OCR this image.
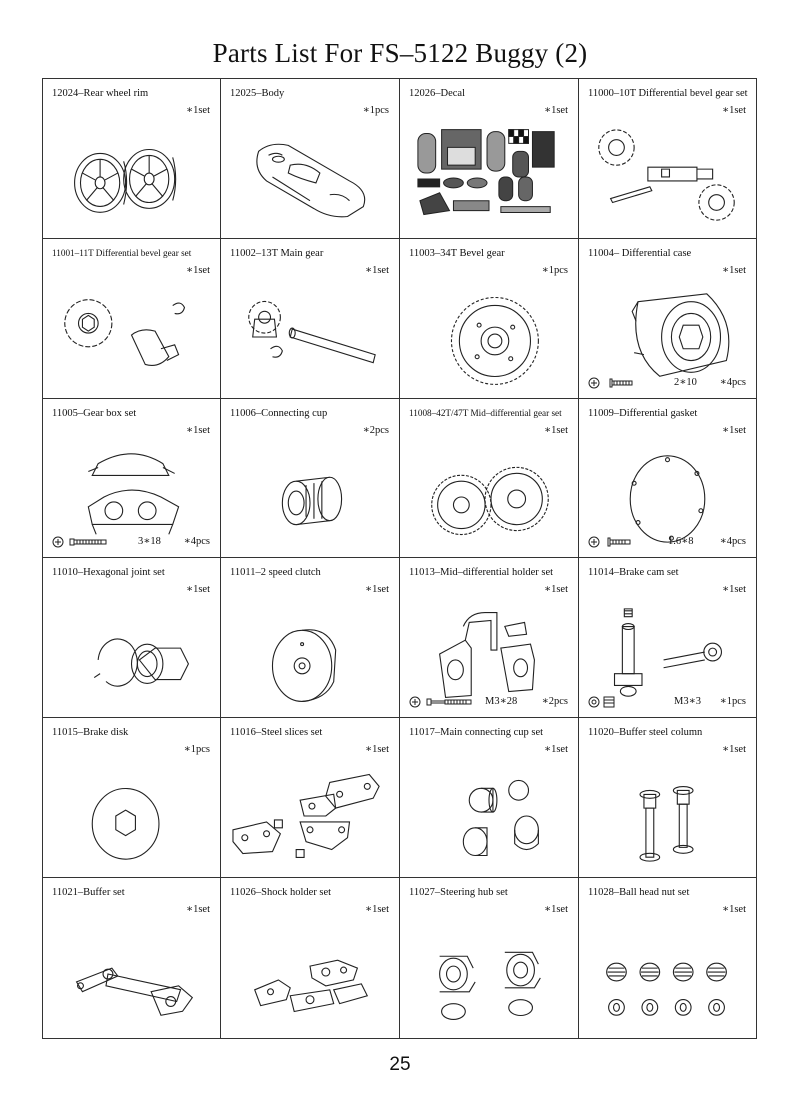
Parts List For FS–5122 Buggy (2)
12024–Rear wheel rim
∗1set
12025–Body
∗1pcs
12026–Decal
∗1set
11000–10T Differential bevel gear set
∗1set
11001–11T Differential bevel gear set
∗1set
11002–13T Main gear
∗1set
11003–34T Bevel gear
∗1pcs
11004– Differential case
∗1set
2∗10 ∗4pcs
11005–Gear box set
∗1set
3∗18 ∗4pcs
11006–Connecting cup
∗2pcs
11008–42T/47T Mid–differential gear set
∗1set
11009–Differential gasket
∗1set
1.6∗8 ∗4pcs
11010–Hexagonal joint set
∗1set
11011–2 speed clutch
∗1set
11013–Mid–differential holder set
∗1set
M3∗28 ∗2pcs
11014–Brake cam set
∗1set
M3∗3 ∗1pcs
11015–Brake disk
∗1pcs
11016–Steel slices set
∗1set
11017–Main connecting cup set
∗1set
11020–Buffer steel column
∗1set
11021–Buffer set
∗1set
11026–Shock holder set
∗1set
11027–Steering hub set
∗1set
11028–Ball head nut set
∗1set
25
